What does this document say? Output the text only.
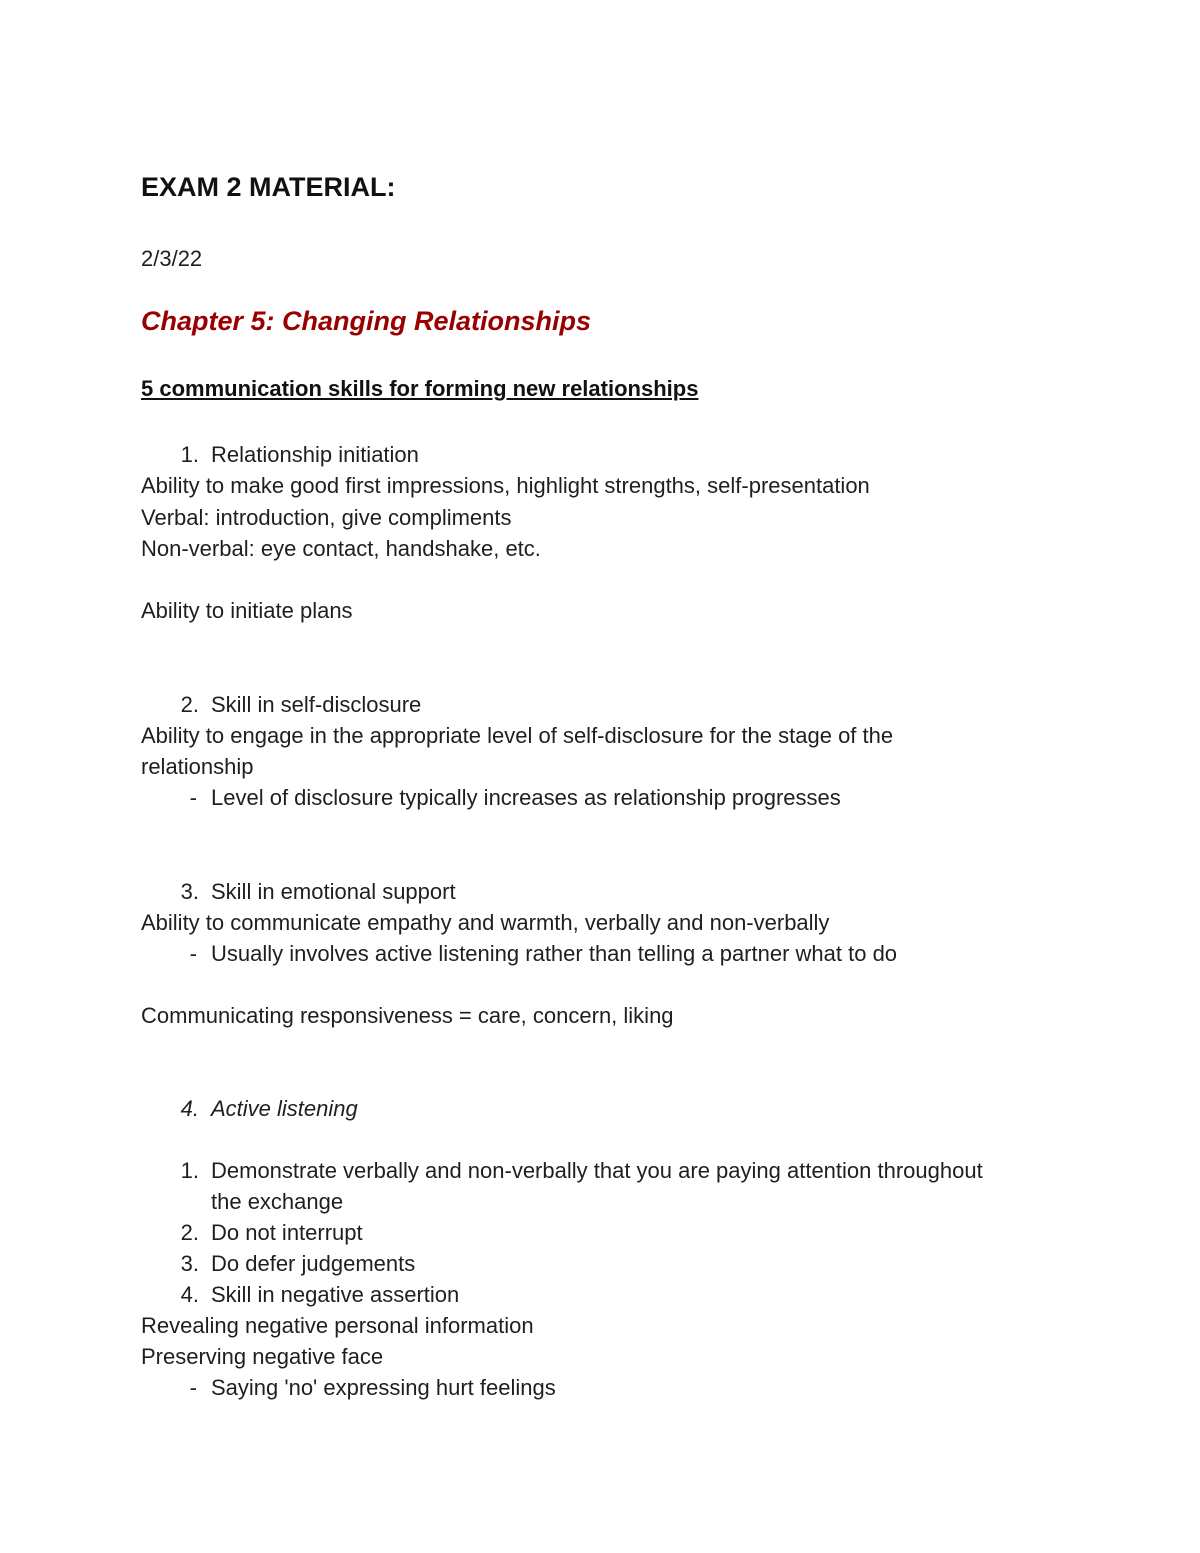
EXAM 2 MATERIAL:
2/3/22
Chapter 5: Changing Relationships
5 communication skills for forming new relationships
1. Relationship initiation
Ability to make good first impressions, highlight strengths, self-presentation
Verbal: introduction, give compliments
Non-verbal: eye contact, handshake, etc.
Ability to initiate plans
2. Skill in self-disclosure
Ability to engage in the appropriate level of self-disclosure for the stage of the
relationship
- Level of disclosure typically increases as relationship progresses
3. Skill in emotional support
Ability to communicate empathy and warmth, verbally and non-verbally
- Usually involves active listening rather than telling a partner what to do
Communicating responsiveness = care, concern, liking
4. Active listening
1. Demonstrate verbally and non-verbally that you are paying attention throughout
the exchange
2. Do not interrupt
3. Do defer judgements
4. Skill in negative assertion
Revealing negative personal information
Preserving negative face
- Saying 'no' expressing hurt feelings
